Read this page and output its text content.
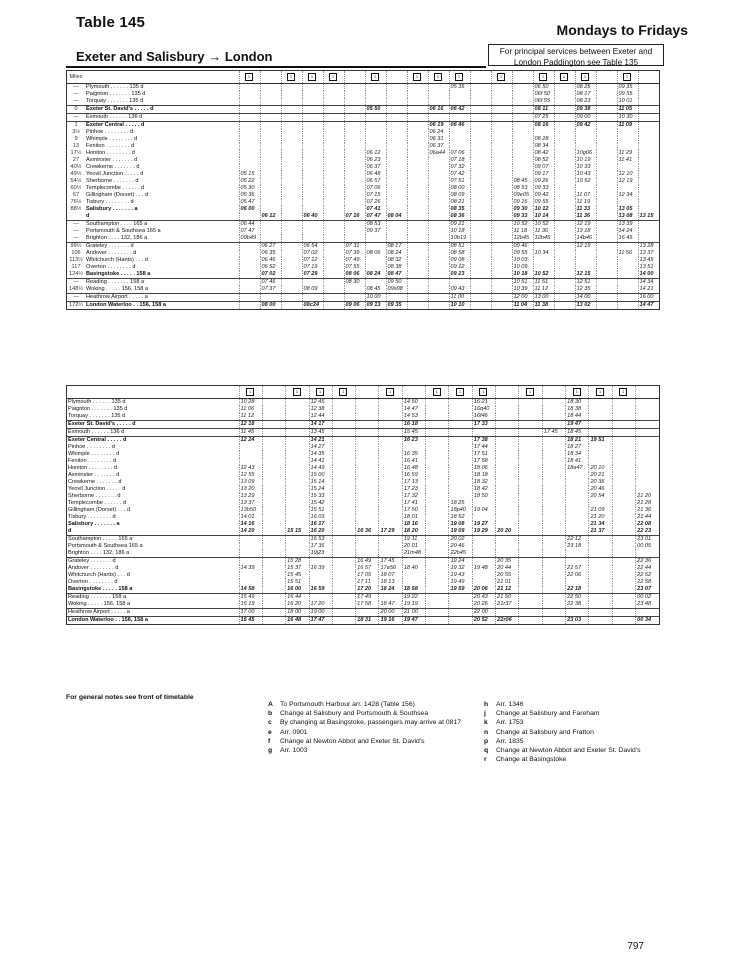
Table 145	Mondays to Fridays
Exeter and Salisbury → London	For principal services between Exeter and London Paddington see Table 135
Miles		1		1	1	1		1		1	1	1		1		1	1	1		1	
—	Plymouth . . . . . . 135 d											05 35				06 50		08 25		09 35	
—	Paignton . . . . . . . 135 d															06f 50		08 17		09 55	
—	Torquay . . . . . . . 135 d															06f 55		08 23		10 01	
0	Exeter St. David's . . . . . d							05 50			06 16	06 42				08 11		09 38		11 05	
—	Exmouth . . . . . . 136 d															07 25		09 00		10 30	
1	Exeter Central . . . . . d										06 19	06 46				08 16		09 42		11 09	
3½	Pinhoe . . . . . . . . d										06 24										
9	Whimple . . . . . . . . d										06 31					08 28					
13	Feniton . . . . . . . . d										06 37					08 34					
17½	Honiton . . . . . . . . d							06 12			06a44	07 06				08 42		10g06		11 29	
27	Axminster . . . . . . . d							06 23				07 18				08 52		10 19		11 41	
40½	Crewkerne . . . . . . . d							06 37				07 32				09 07		10 33			
49½	Yeovil Junction . . . . . d	05 15						06 48				07 42				09 17		10 43		12 10	
54½	Sherborne . . . . . . . d	05 22						06 57				07 51			08 45	09 26		10 52		12 19	
60½	Templecombe . . . . . . d	05 30						07 06				08 00			08 53	09 33					
67	Gillingham (Dorset) . . . d	05 36						07 15				08 09			09e05	09 42		11 07		12 34	
76½	Tisbury . . . . . . . . d	05 47						07 26				08 21			09 16	09 55		11 19			
88½	Salisbury . . . . . . . a	06 00						07 41				08 35			09 30	10 12		11 33		13 05	
	d		06 12		06 40		07 16	07 47	08 04			08 36			09 33	10 14		11 36		13 08	13 15
—	Southampton . . . . 165 a	06 44						08 53				09 21			10 52	10 52		12 19		13 39	
—	Portsmouth & Southsea 165 a	07 47						09 37				10 18			11 18	11 36		13 18		14 24	
—	Brighton . . . . 132, 186 a	09b49										10b19			12b45	12b45		14b46		16 45	
99½	Grateley . . . . . . . d		06 27		06 54		07 31		08 17			08 51			09 46			12 19			13 28
106	Andover . . . . . . . . d		06 35		07 02		07 39	08 06	08 24			08 58			09 55	10 34				11 56	13 37
113½	Whitchurch (Hants) . . . d		06 46		07 12		07 49		08 32			09 08			10 03						13 45
117	Overton . . . . . . . . d		06 52		07 19		07 55		08 38			09 12			10 09						13 51
124½	Basingstoke . . . . . 158 a		07 02		07 29		08 06	08 24	08 47			09 23			10 18	10 52		12 15			14 00
—	Reading . . . . . . . 158 a		07 46				08 30		09 50						10 51	11 51		12 51			14 34
148½	Woking . . . . . 156, 158 a		07 37		08 09			08 45	09s08			09 43			10 39	11 12		12 35			14 21
—	Heathrow Airport . . . . . a							10 00				11 00			12 00	13 00		14 00			16 00
172½	London Waterloo . . 156, 158 a		08 00		08c24		09 06	09 13	09 35			10 10			11 04	11 38		13 02			14 47
	1		1	1	1		1		1	1	1		1		1	1	1	
Plymouth . . . . . . 135 d	10 28			12 45				14 50			16 21				18 30			
Paignton . . . . . . . 135 d	11 06			12 38				14 47			16q40				18 38			
Torquay . . . . . . . 135 d	11 12			12 44				14 53			16f46				18 44			
Exeter St. David's . . . . . d	12 18			14 17				16 18			17 33				19 47			
Exmouth . . . . . . 136 d	11 45			13 45				15 45						17 45	18 45			
Exeter Central . . . . . d	12 24			14 21				16 23			17 38				18 21	19 51		
Pinhoe . . . . . . . . d				14 27							17 44				18 27			
Whimple . . . . . . . . d				14 35				16 35			17 51				18 34			
Feniton . . . . . . . . d				14 41				16 41			17 58				18 41			
Honiton . . . . . . . . d	12 43			14 49				16 48			18 06				18a47	20 10		
Axminster . . . . . . . d	12 55			15 00				16 59			18 18					20 21		
Crewkerne . . . . . . . d	13 09			15 14				17 13			18 32					20 36		
Yeovil Junction . . . . . d	13 20			15 24				17 23			18 42					20 46		
Sherborne . . . . . . . d	13 29			15 33				17 32			18 50					20 54		21 20
Templecombe . . . . . . d	13 37			15 42				17 41		18 25								21 28
Gillingham (Dorset) . . . d	13h50			15 51				17 50		18p40	19 04					21 09		21 36
Tisbury . . . . . . . . d	14 01			16 03				18 01		18 52						21 20		21 44
Salisbury . . . . . . . a	14 16			16 17				18 16		19 08	19 27					21 34		22 08
d	14 20		15 15	16 20		16 36	17 29	18 20		19 09	19 29	20 20				21 37		22 23
Southampton . . . . . 165 a				16 53				19 11		20 02					22 12			23 01
Portsmouth & Southsea 165 a				17 36				20 01		20 46					23 18			00 05
Brighton . . . . 132, 186 a				19j23				21m48		22b45								
Grateley . . . . . . . d			15 28			16 49	17 45			19 24		20 35						22 36
Andover . . . . . . . . d	14 39		15 37	16 39		16 57	17e56	18 40		19 32	19 48	20 44			21 57			22 44
Whitchurch (Hants) . . . d			15 45			17 05	18 07			19 43		20 55			22 06			22 52
Overton . . . . . . . . d			15 51			17 11	18 13			19 49		21 01						22 58
Basingstoke . . . . . 158 a	14 58		16 00	16 59		17 20	18 24	18 58		19 59	20 06	21 12			22 18			23 07
Reading . . . . . . . 158 a	15 49		16 44			17 49		19 22			20 43	21 50			22 50			00 02
Woking . . . . . 156, 158 a	15 19		16 20	17 20		17 58	18 47	19 19			20 26	21r37			22 38			23 48
Heathrow Airport . . . . . a	17 00		18 00	19 00			20 00	21 00			22 00							
London Waterloo . . 156, 158 a	15 45		16 48	17 47		18 31	19 16	19 47			20 52	22r06			23 03			00 34
For general notes see front of timetable
A To Portsmouth Harbour arr. 1428 (Table 156)
b Change at Salisbury and Portsmouth & Southsea
c By changing at Basingstoke, passengers may arrive at 0817
e Arr. 0901
f Change at Newton Abbot and Exeter St. David's
g Arr. 1003
h Arr. 1346
j Change at Salisbury and Fareham
k Arr. 1753
n Change at Salisbury and Fratton
p Arr. 1835
q Change at Newton Abbot and Exeter St. David's
r Change at Basingstoke
797
